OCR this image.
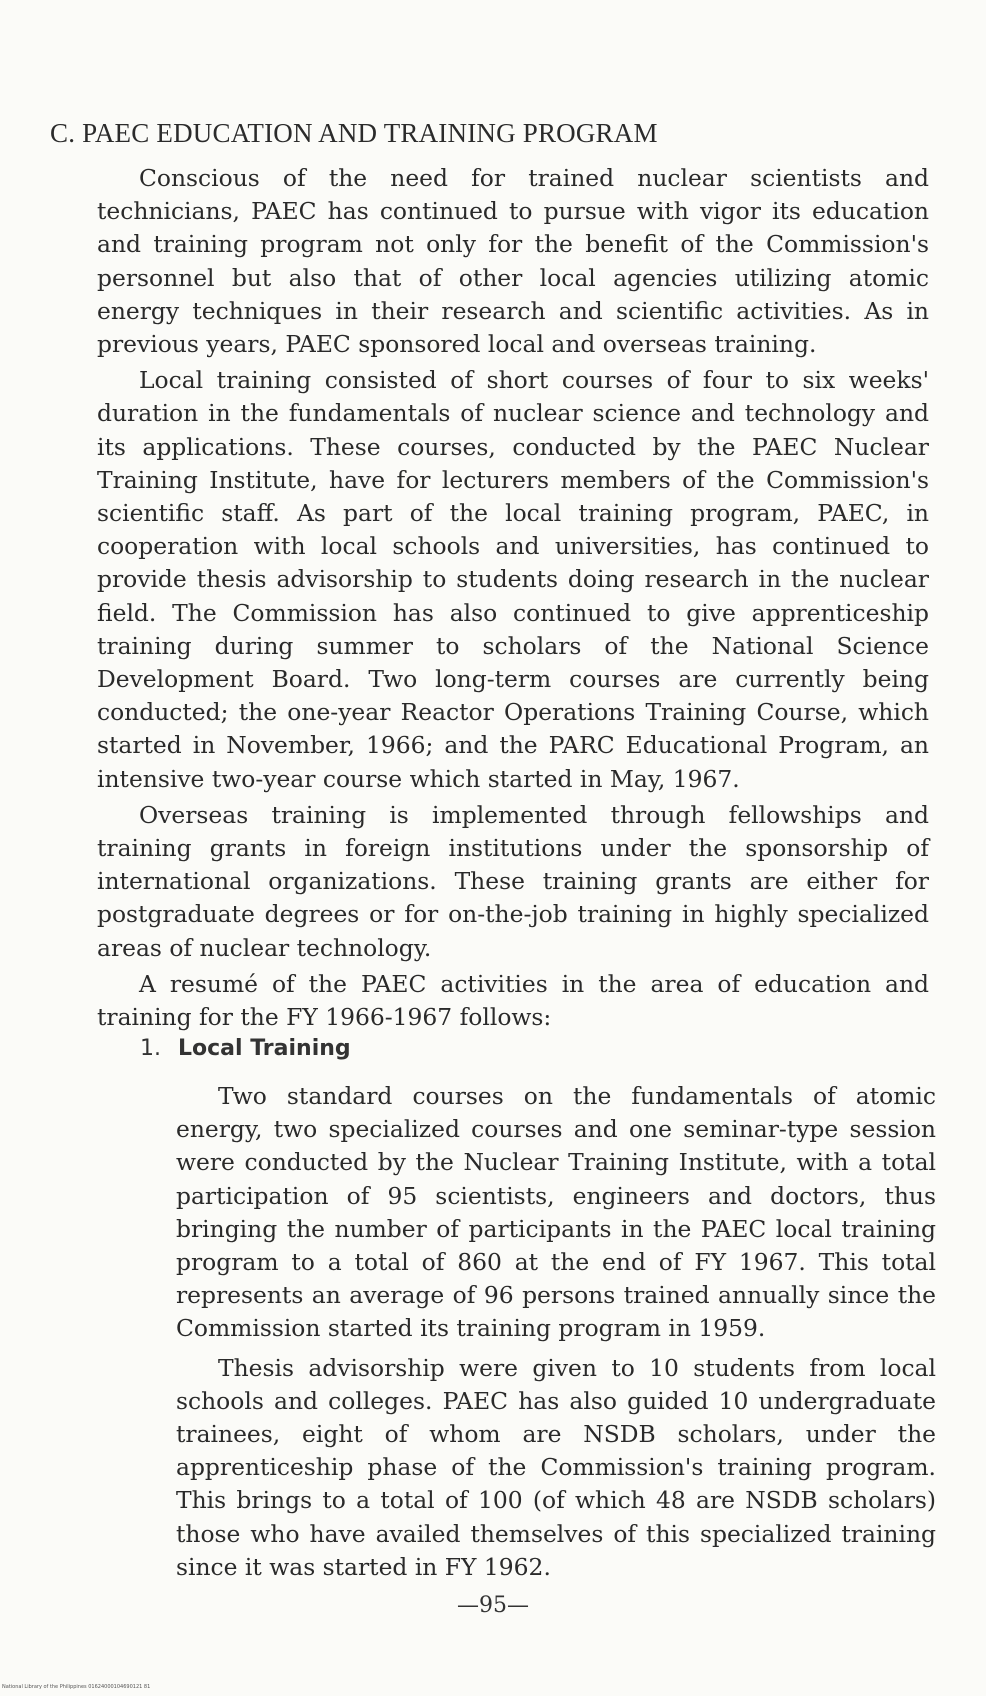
C. PAEC EDUCATION AND TRAINING PROGRAM

Conscious of the need for trained nuclear scientists and technicians, PAEC has continued to pursue with vigor its education and training program not only for the benefit of the Commission's personnel but also that of other local agencies utilizing atomic energy techniques in their research and scientific activities. As in previous years, PAEC sponsored local and overseas training.

Local training consisted of short courses of four to six weeks' duration in the fundamentals of nuclear science and technology and its applications. These courses, conducted by the PAEC Nuclear Training Institute, have for lecturers members of the Commission's scientific staff. As part of the local training program, PAEC, in cooperation with local schools and universities, has continued to provide thesis advisorship to students doing research in the nuclear field. The Commission has also continued to give apprenticeship training during summer to scholars of the National Science Development Board. Two long-term courses are currently being conducted; the one-year Reactor Operations Training Course, which started in November, 1966; and the PARC Educational Program, an intensive two-year course which started in May, 1967.

Overseas training is implemented through fellowships and training grants in foreign institutions under the sponsorship of international organizations. These training grants are either for postgraduate degrees or for on-the-job training in highly specialized areas of nuclear technology.

A resumé of the PAEC activities in the area of education and training for the FY 1966-1967 follows:

1. Local Training

Two standard courses on the fundamentals of atomic energy, two specialized courses and one seminar-type session were conducted by the Nuclear Training Institute, with a total participation of 95 scientists, engineers and doctors, thus bringing the number of participants in the PAEC local training program to a total of 860 at the end of FY 1967. This total represents an average of 96 persons trained annually since the Commission started its training program in 1959.

Thesis advisorship were given to 10 students from local schools and colleges. PAEC has also guided 10 undergraduate trainees, eight of whom are NSDB scholars, under the apprenticeship phase of the Commission's training program. This brings to a total of 100 (of which 48 are NSDB scholars) those who have availed themselves of this specialized training since it was started in FY 1962.

—95—
National Library of the Philippines 01624000104690121 81
